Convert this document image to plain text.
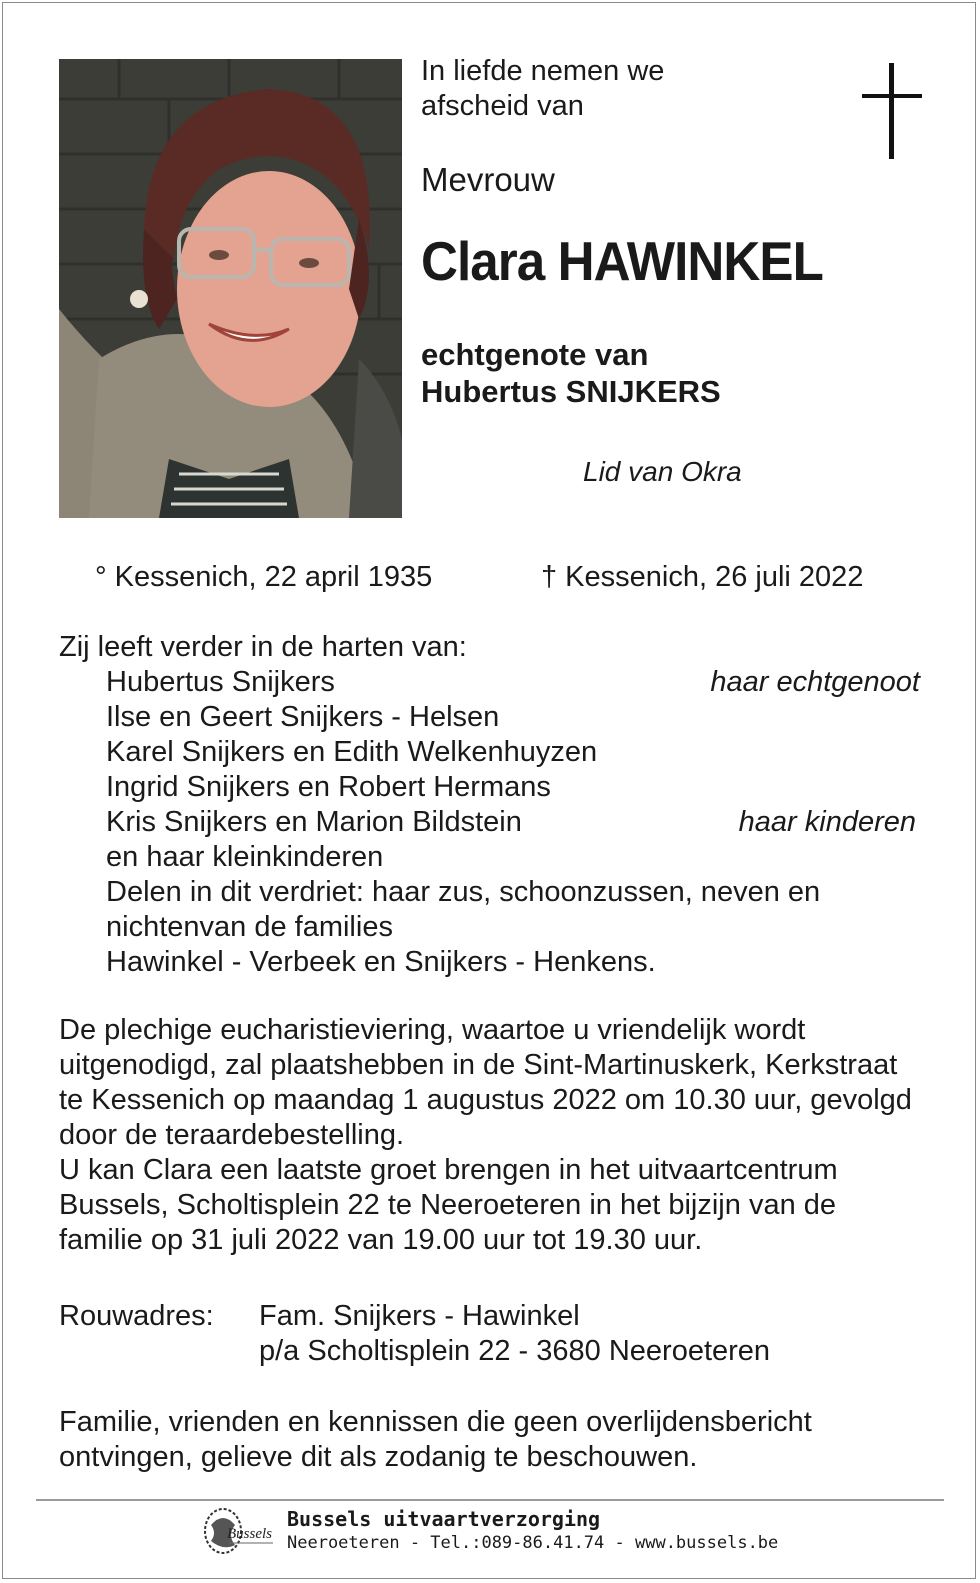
In liefde nemen we
afscheid van
Mevrouw
Clara HAWINKEL
echtgenote van
Hubertus SNIJKERS
Lid van Okra
° Kessenich, 22 april 1935	† Kessenich, 26 juli 2022
Zij leeft verder in de harten van:
Hubertus Snijkers	haar echtgenoot
Ilse en Geert Snijkers - Helsen
Karel Snijkers en Edith Welkenhuyzen
Ingrid Snijkers en Robert Hermans
Kris Snijkers en Marion Bildstein	haar kinderen
en haar kleinkinderen
Delen in dit verdriet: haar zus, schoonzussen, neven en nichtenvan de families
Hawinkel - Verbeek en Snijkers - Henkens.
De plechige eucharistieviering, waartoe u vriendelijk wordt uitgenodigd, zal plaatshebben in de Sint-Martinuskerk, Kerkstraat te Kessenich op maandag 1 augustus 2022 om 10.30 uur, gevolgd door de teraardebestelling.
U kan Clara een laatste groet brengen in het uitvaartcentrum Bussels, Scholtisplein 22 te Neeroeteren in het bijzijn van de familie op 31 juli 2022 van 19.00 uur tot 19.30 uur.
Rouwadres: Fam. Snijkers - Hawinkel
p/a Scholtisplein 22 - 3680 Neeroeteren
Familie, vrienden en kennissen die geen overlijdensbericht ontvingen, gelieve dit als zodanig te beschouwen.
Bussels
Bussels uitvaartverzorging
Neeroeteren - Tel.:089-86.41.74 - www.bussels.be
